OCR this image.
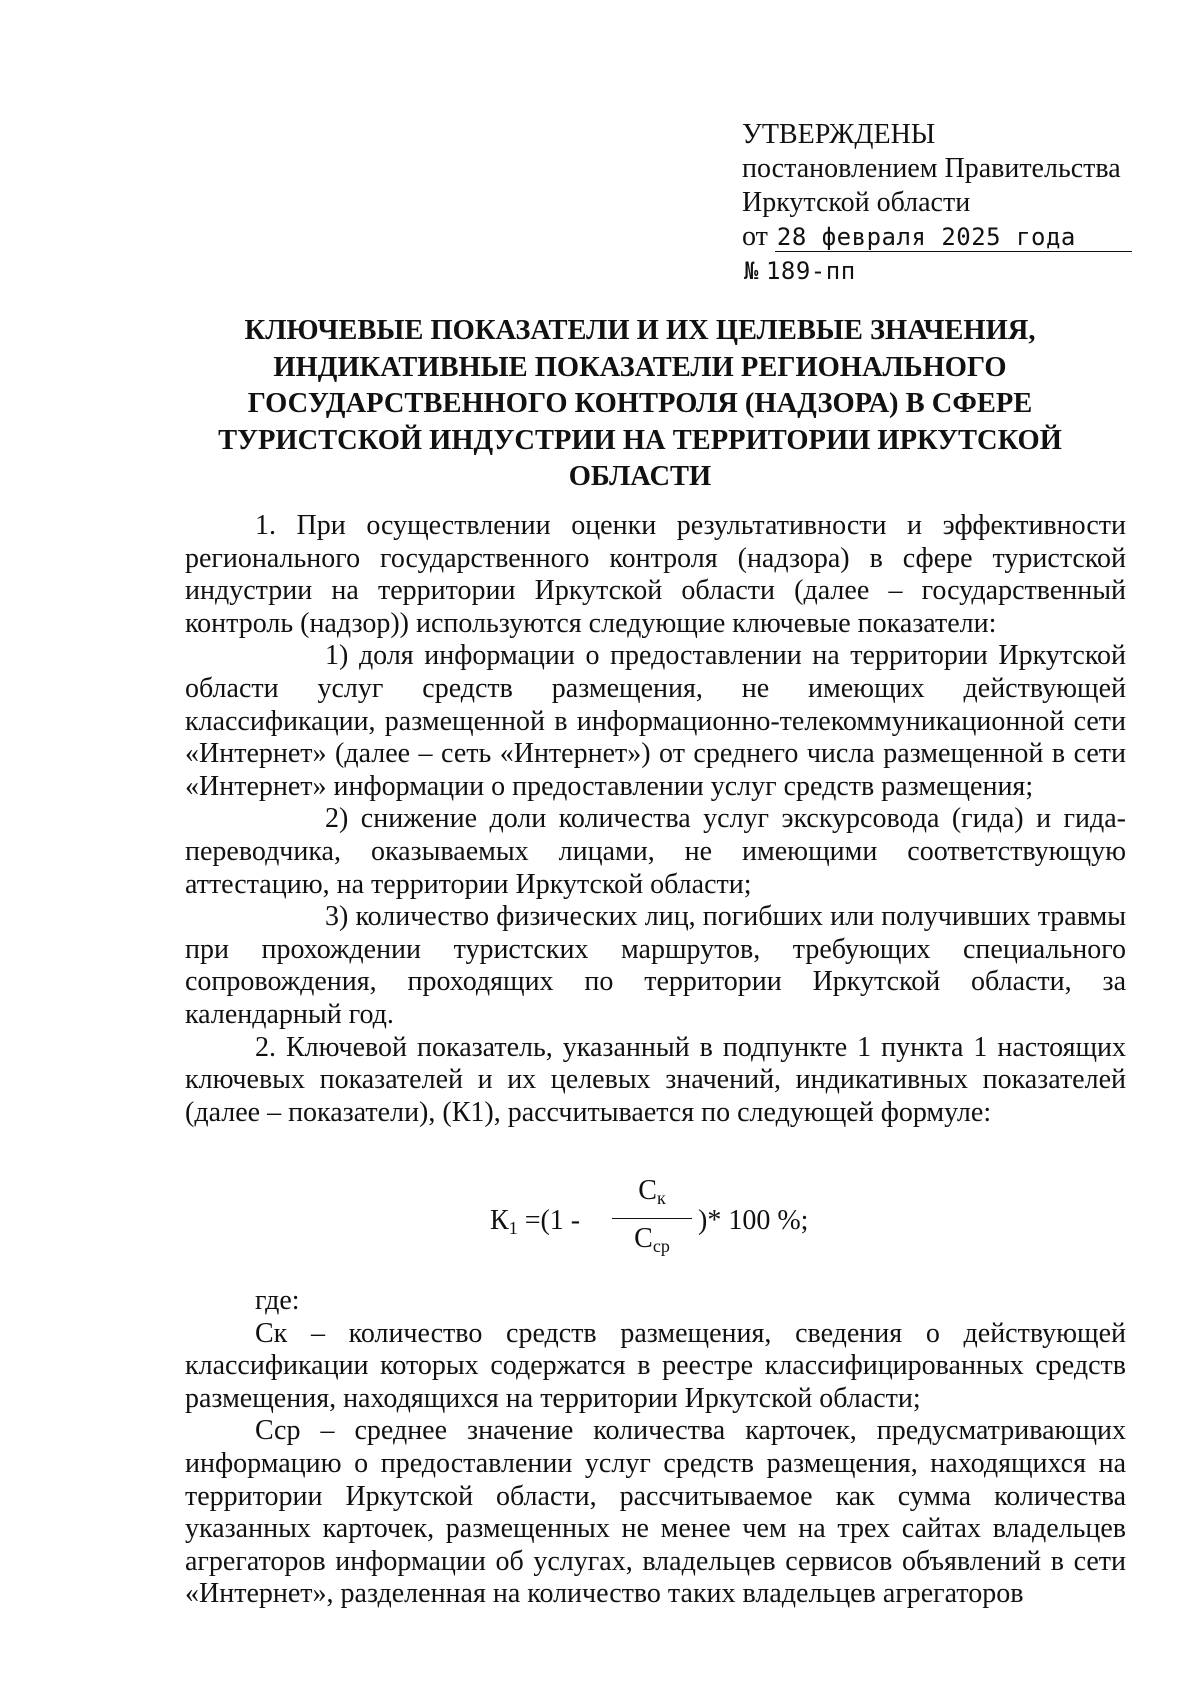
УТВЕРЖДЕНЫ
постановлением Правительства
Иркутской области
от 28 февраля 2025 года
№ 189-пп
КЛЮЧЕВЫЕ ПОКАЗАТЕЛИ И ИХ ЦЕЛЕВЫЕ ЗНАЧЕНИЯ,
ИНДИКАТИВНЫЕ ПОКАЗАТЕЛИ РЕГИОНАЛЬНОГО
ГОСУДАРСТВЕННОГО КОНТРОЛЯ (НАДЗОРА) В СФЕРЕ
ТУРИСТСКОЙ ИНДУСТРИИ НА ТЕРРИТОРИИ ИРКУТСКОЙ
ОБЛАСТИ

1. При осуществлении оценки результативности и эффективности регионального государственного контроля (надзора) в сфере туристской индустрии на территории Иркутской области (далее – государственный контроль (надзор)) используются следующие ключевые показатели:

1) доля информации о предоставлении на территории Иркутской области услуг средств размещения, не имеющих действующей классификации, размещенной в информационно-телекоммуникационной сети «Интернет» (далее – сеть «Интернет») от среднего числа размещенной в сети «Интернет» информации о предоставлении услуг средств размещения;

2) снижение доли количества услуг экскурсовода (гида) и гида-переводчика, оказываемых лицами, не имеющими соответствующую аттестацию, на территории Иркутской области;

3) количество физических лиц, погибших или получивших травмы при прохождении туристских маршрутов, требующих специального сопровождения, проходящих по территории Иркутской области, за календарный год.

2. Ключевой показатель, указанный в подпункте 1 пункта 1 настоящих ключевых показателей и их целевых значений, индикативных показателей (далее – показатели), (К1), рассчитывается по следующей формуле:

$К_1 =(1$ -
$С_к$
$С_{ср}$
)* 100 %;

где:

Ск – количество средств размещения, сведения о действующей классификации которых содержатся в реестре классифицированных средств размещения, находящихся на территории Иркутской области;

Сср – среднее значение количества карточек, предусматривающих информацию о предоставлении услуг средств размещения, находящихся на территории Иркутской области, рассчитываемое как сумма количества указанных карточек, размещенных не менее чем на трех сайтах владельцев агрегаторов информации об услугах, владельцев сервисов объявлений в сети «Интернет», разделенная на количество таких владельцев агрегаторов
